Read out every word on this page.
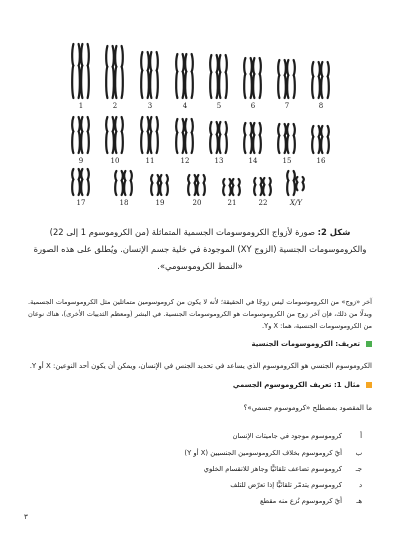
1	2	3	4	5	6	7	8
9	10	11	12	13	14	15	16
17	18	19	20	21	22	X/Y
شكل 2: صورة لأزواج الكروموسومات الجسمية المتماثلة (من الكروموسوم 1 إلى 22) والكروموسومات الجنسية (الزوج XY) الموجودة في خلية جسم الإنسان. ويُطلق على هذه الصورة «النمط الكروموسومي».
آخر «زوج» من الكروموسومات ليس زوجًا في الحقيقة؛ لأنه لا يكون من كروموسومين متماثلين مثل الكروموسومات الجسمية. وبدلًا من ذلك، فإن آخر زوج من الكروموسومات هو الكروموسومات الجنسية. في البشر (ومعظم الثدييات الأخرى)، هناك نوعان من الكروموسومات الجنسية، هما: X وY.
تعريف: الكروموسومات الجنسية
الكروموسوم الجنسي هو الكروموسوم الذي يساعد في تحديد الجنس في الإنسان، ويمكن أن يكون أحد النوعين: X أو Y.
مثال 1: تعريف الكروموسوم الجسمي
ما المقصود بمصطلح «كروموسوم جسمي»؟
أ
كروموسوم موجود في جاميتات الإنسان
ب
أيّ كروموسوم بخلاف الكروموسومين الجنسيين (X أو Y)
جـ
كروموسوم تضاعف تلقائيًّا وجاهز للانقسام الخلوي
د
كروموسوم يتدمّر تلقائيًّا إذا تعرّض للتلف
هـ
أيّ كروموسوم نُزع منه مقطع
٣
